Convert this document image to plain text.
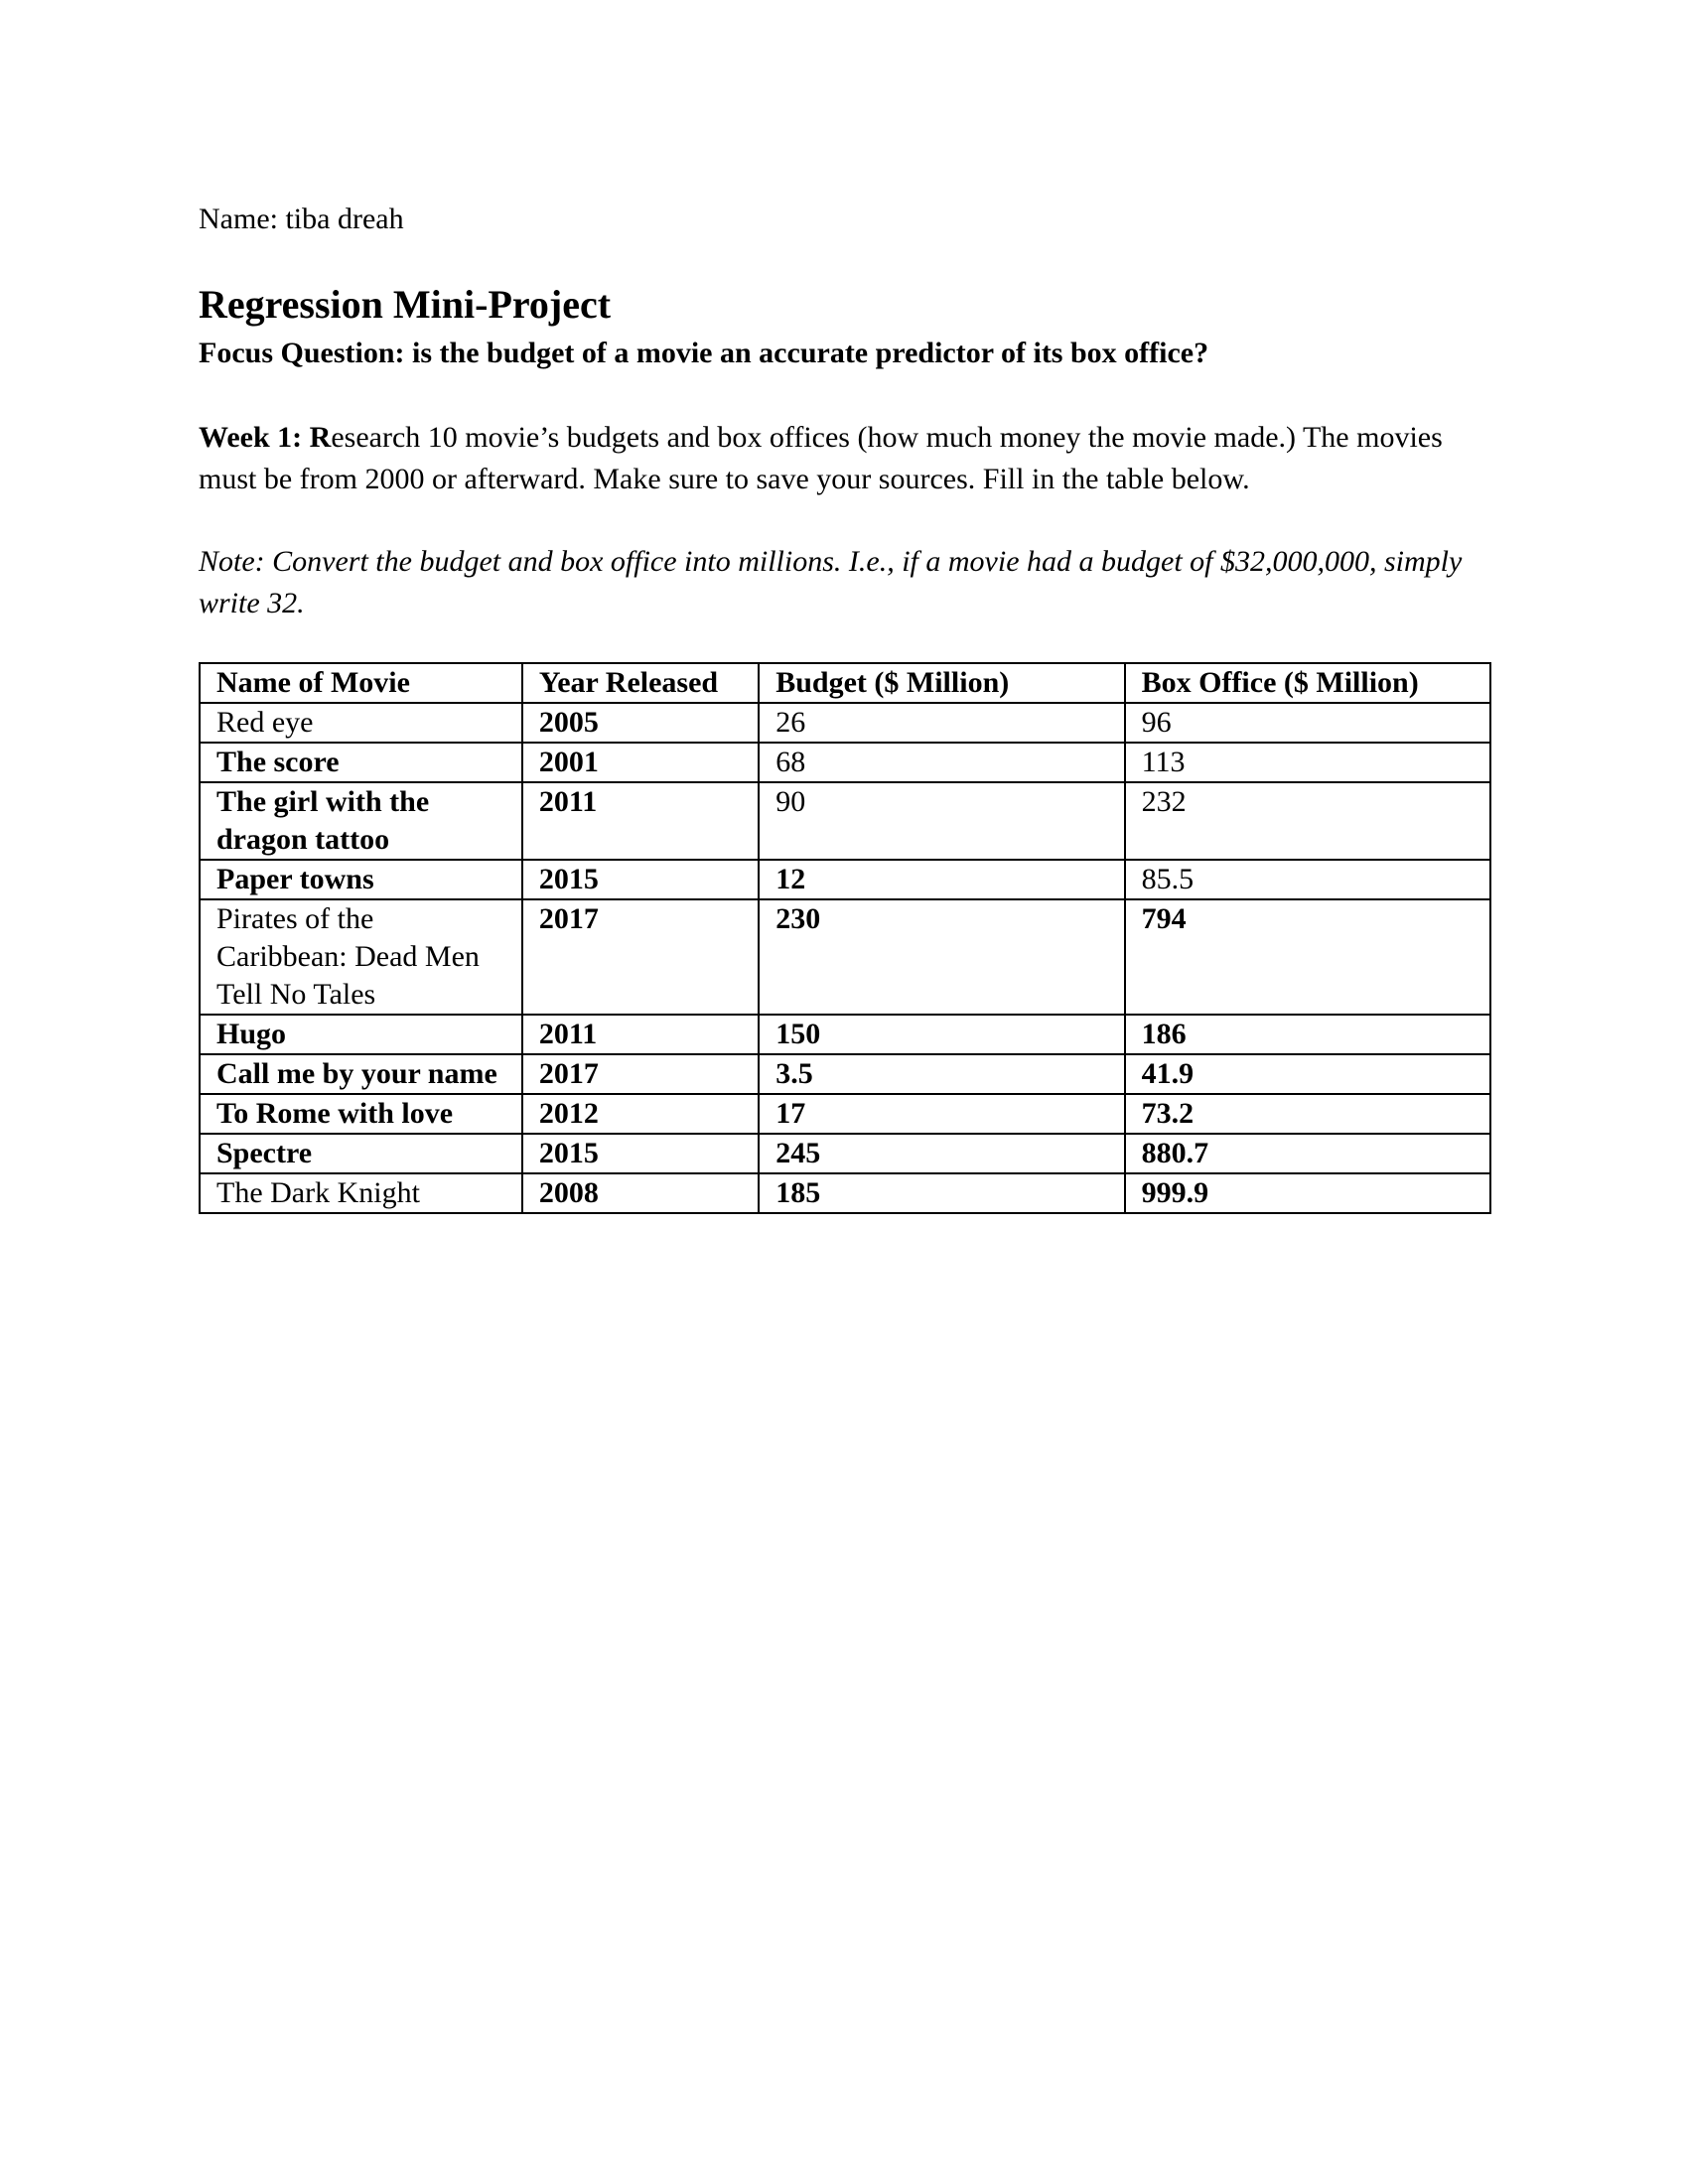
Name: tiba dreah
Regression Mini-Project
Focus Question: is the budget of a movie an accurate predictor of its box office?
Week 1: Research 10 movie’s budgets and box offices (how much money the movie made.) The movies must be from 2000 or afterward. Make sure to save your sources. Fill in the table below.
Note: Convert the budget and box office into millions. I.e., if a movie had a budget of $32,000,000, simply write 32.
Name of Movie	Year Released	Budget ($ Million)	Box Office ($ Million)
Red eye	2005	26	96
The score	2001	68	113
The girl with the dragon tattoo	2011	90	232
Paper towns	2015	12	85.5
Pirates of the Caribbean: Dead Men Tell No Tales	2017	230	794
Hugo	2011	150	186
Call me by your name	2017	3.5	41.9
To Rome with love	2012	17	73.2
Spectre	2015	245	880.7
The Dark Knight	2008	185	999.9
